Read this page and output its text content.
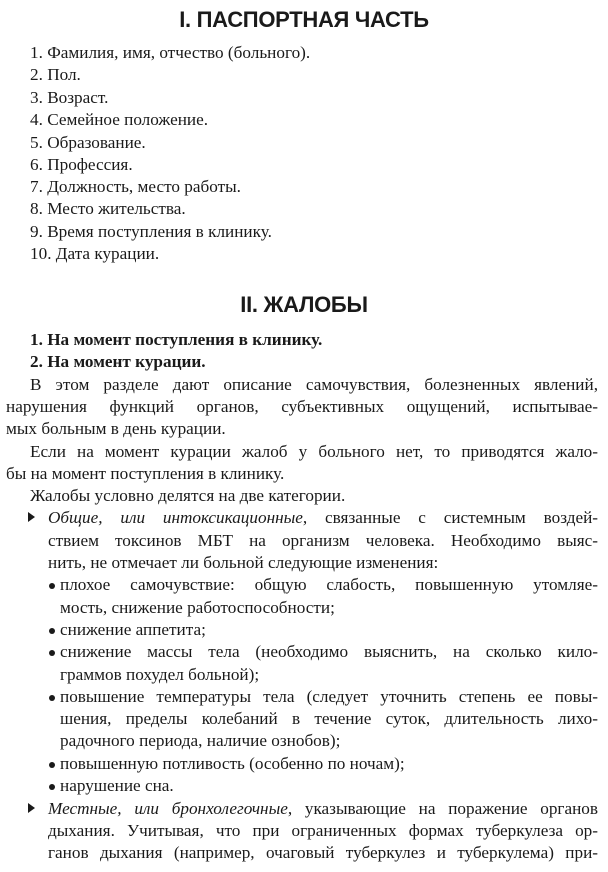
I. ПАСПОРТНАЯ ЧАСТЬ
1. Фамилия, имя, отчество (больного).
2. Пол.
3. Возраст.
4. Семейное положение.
5. Образование.
6. Профессия.
7. Должность, место работы.
8. Место жительства.
9. Время поступления в клинику.
10. Дата курации.
II. ЖАЛОБЫ
1. На момент поступления в клинику.
2. На момент курации.
В этом разделе дают описание самочувствия, болезненных явлений,
нарушения функций органов, субъективных ощущений, испытывае-
мых больным в день курации.
Если на момент курации жалоб у больного нет, то приводятся жало-
бы на момент поступления в клинику.
Жалобы условно делятся на две категории.
Общие, или интоксикационные, связанные с системным воздей-
ствием токсинов МБТ на организм человека. Необходимо выяс-
нить, не отмечает ли больной следующие изменения:
плохое самочувствие: общую слабость, повышенную утомляе-
мость, снижение работоспособности;
снижение аппетита;
снижение массы тела (необходимо выяснить, на сколько кило-
граммов похудел больной);
повышение температуры тела (следует уточнить степень ее повы-
шения, пределы колебаний в течение суток, длительность лихо-
радочного периода, наличие ознобов);
повышенную потливость (особенно по ночам);
нарушение сна.
Местные, или бронхолегочные, указывающие на поражение органов
дыхания. Учитывая, что при ограниченных формах туберкулеза ор-
ганов дыхания (например, очаговый туберкулез и туберкулема) при-
